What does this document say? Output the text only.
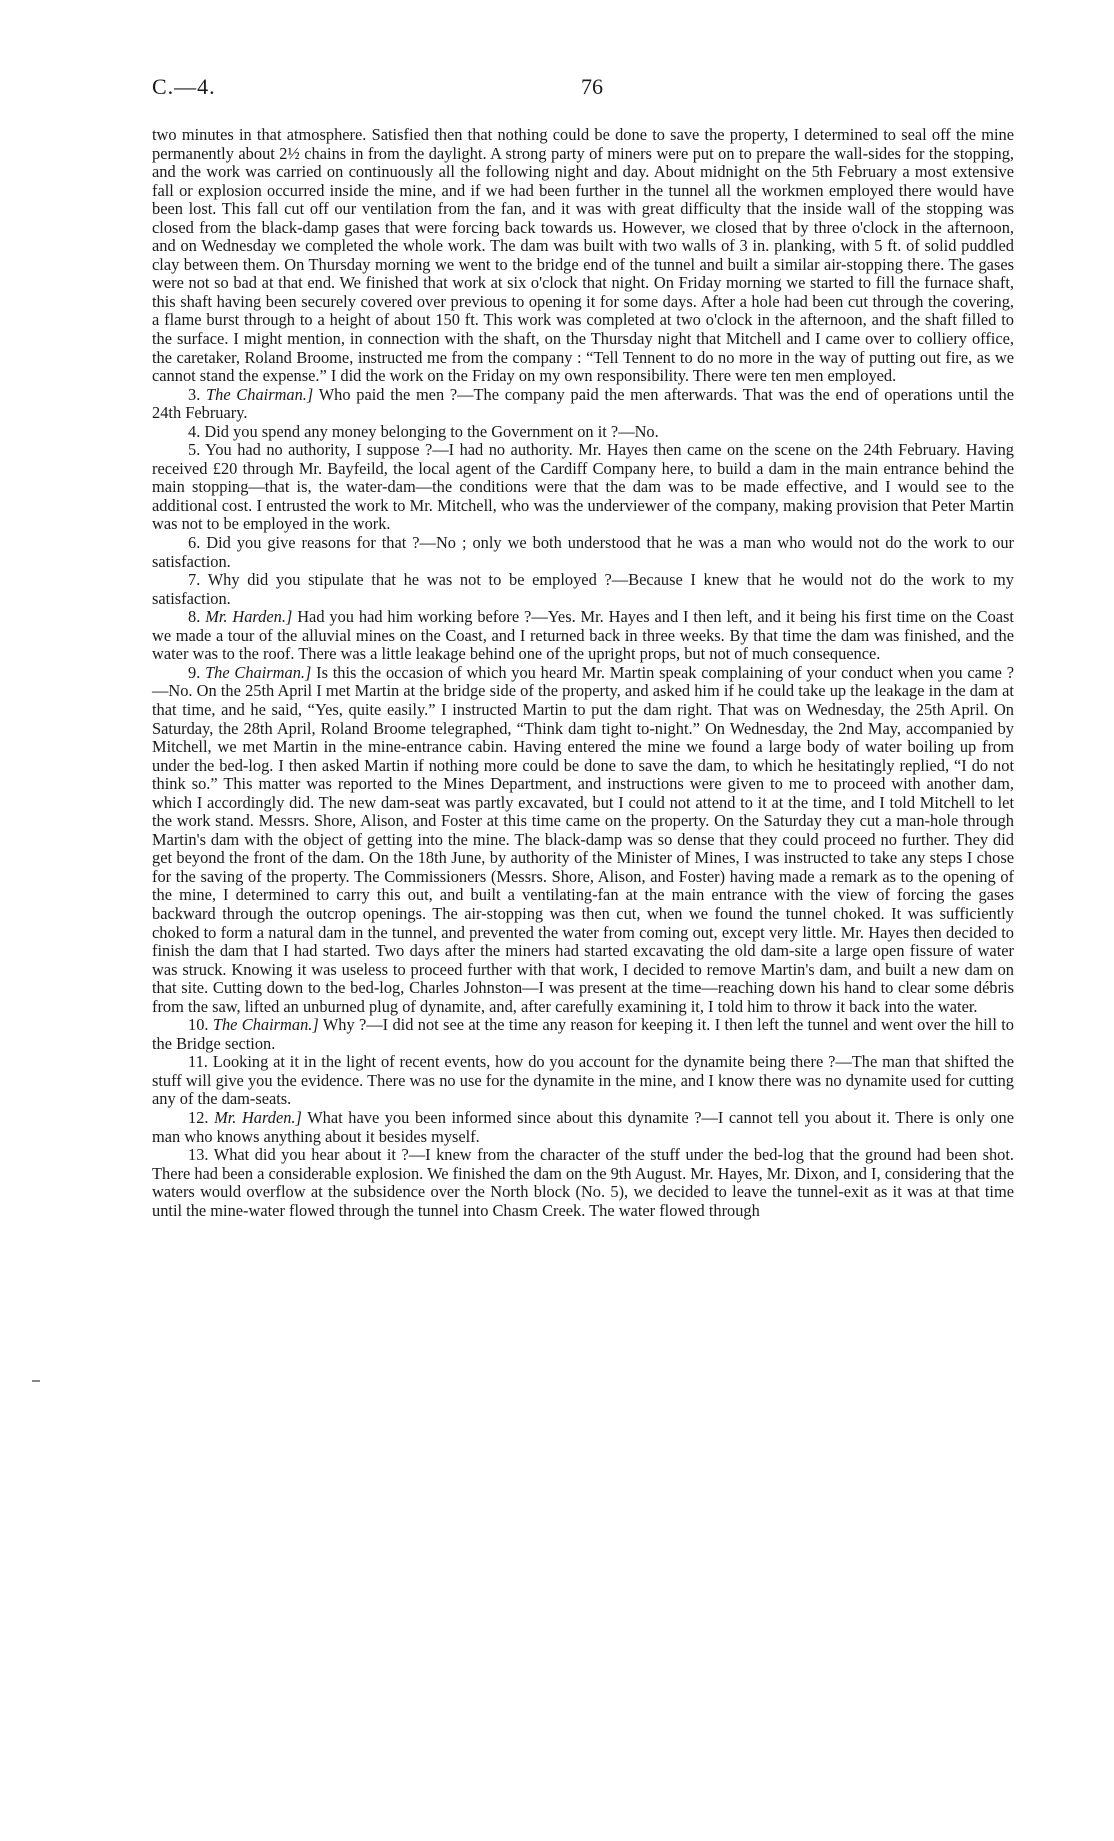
C.—4.	76

two minutes in that atmosphere. Satisfied then that nothing could be done to save the property, I determined to seal off the mine permanently about 2½ chains in from the daylight. A strong party of miners were put on to prepare the wall-sides for the stopping, and the work was carried on continuously all the following night and day. About midnight on the 5th February a most extensive fall or explosion occurred inside the mine, and if we had been further in the tunnel all the workmen employed there would have been lost. This fall cut off our ventilation from the fan, and it was with great difficulty that the inside wall of the stopping was closed from the black-damp gases that were forcing back towards us. However, we closed that by three o'clock in the afternoon, and on Wednesday we completed the whole work. The dam was built with two walls of 3 in. planking, with 5 ft. of solid puddled clay between them. On Thursday morning we went to the bridge end of the tunnel and built a similar air-stopping there. The gases were not so bad at that end. We finished that work at six o'clock that night. On Friday morning we started to fill the furnace shaft, this shaft having been securely covered over previous to opening it for some days. After a hole had been cut through the covering, a flame burst through to a height of about 150 ft. This work was completed at two o'clock in the afternoon, and the shaft filled to the surface. I might mention, in connection with the shaft, on the Thursday night that Mitchell and I came over to colliery office, the caretaker, Roland Broome, instructed me from the company : “Tell Tennent to do no more in the way of putting out fire, as we cannot stand the expense.” I did the work on the Friday on my own responsibility. There were ten men employed.

3. The Chairman.] Who paid the men ?—The company paid the men afterwards. That was the end of operations until the 24th February.

4. Did you spend any money belonging to the Government on it ?—No.

5. You had no authority, I suppose ?—I had no authority. Mr. Hayes then came on the scene on the 24th February. Having received £20 through Mr. Bayfeild, the local agent of the Cardiff Company here, to build a dam in the main entrance behind the main stopping—that is, the water-dam—the conditions were that the dam was to be made effective, and I would see to the additional cost. I entrusted the work to Mr. Mitchell, who was the underviewer of the company, making provision that Peter Martin was not to be employed in the work.

6. Did you give reasons for that ?—No ; only we both understood that he was a man who would not do the work to our satisfaction.

7. Why did you stipulate that he was not to be employed ?—Because I knew that he would not do the work to my satisfaction.

8. Mr. Harden.] Had you had him working before ?—Yes. Mr. Hayes and I then left, and it being his first time on the Coast we made a tour of the alluvial mines on the Coast, and I returned back in three weeks. By that time the dam was finished, and the water was to the roof. There was a little leakage behind one of the upright props, but not of much consequence.

9. The Chairman.] Is this the occasion of which you heard Mr. Martin speak complaining of your conduct when you came ?—No. On the 25th April I met Martin at the bridge side of the property, and asked him if he could take up the leakage in the dam at that time, and he said, “Yes, quite easily.” I instructed Martin to put the dam right. That was on Wednesday, the 25th April. On Saturday, the 28th April, Roland Broome telegraphed, “Think dam tight to-night.” On Wednesday, the 2nd May, accompanied by Mitchell, we met Martin in the mine-entrance cabin. Having entered the mine we found a large body of water boiling up from under the bed-log. I then asked Martin if nothing more could be done to save the dam, to which he hesitatingly replied, “I do not think so.” This matter was reported to the Mines Department, and instructions were given to me to proceed with another dam, which I accordingly did. The new dam-seat was partly excavated, but I could not attend to it at the time, and I told Mitchell to let the work stand. Messrs. Shore, Alison, and Foster at this time came on the property. On the Saturday they cut a man-hole through Martin's dam with the object of getting into the mine. The black-damp was so dense that they could proceed no further. They did get beyond the front of the dam. On the 18th June, by authority of the Minister of Mines, I was instructed to take any steps I chose for the saving of the property. The Commissioners (Messrs. Shore, Alison, and Foster) having made a remark as to the opening of the mine, I determined to carry this out, and built a ventilating-fan at the main entrance with the view of forcing the gases backward through the outcrop openings. The air-stopping was then cut, when we found the tunnel choked. It was sufficiently choked to form a natural dam in the tunnel, and prevented the water from coming out, except very little. Mr. Hayes then decided to finish the dam that I had started. Two days after the miners had started excavating the old dam-site a large open fissure of water was struck. Knowing it was useless to proceed further with that work, I decided to remove Martin's dam, and built a new dam on that site. Cutting down to the bed-log, Charles Johnston—I was present at the time—reaching down his hand to clear some débris from the saw, lifted an unburned plug of dynamite, and, after carefully examining it, I told him to throw it back into the water.

10. The Chairman.] Why ?—I did not see at the time any reason for keeping it. I then left the tunnel and went over the hill to the Bridge section.

11. Looking at it in the light of recent events, how do you account for the dynamite being there ?—The man that shifted the stuff will give you the evidence. There was no use for the dynamite in the mine, and I know there was no dynamite used for cutting any of the dam-seats.

12. Mr. Harden.] What have you been informed since about this dynamite ?—I cannot tell you about it. There is only one man who knows anything about it besides myself.

13. What did you hear about it ?—I knew from the character of the stuff under the bed-log that the ground had been shot. There had been a considerable explosion. We finished the dam on the 9th August. Mr. Hayes, Mr. Dixon, and I, considering that the waters would overflow at the subsidence over the North block (No. 5), we decided to leave the tunnel-exit as it was at that time until the mine-water flowed through the tunnel into Chasm Creek. The water flowed through
